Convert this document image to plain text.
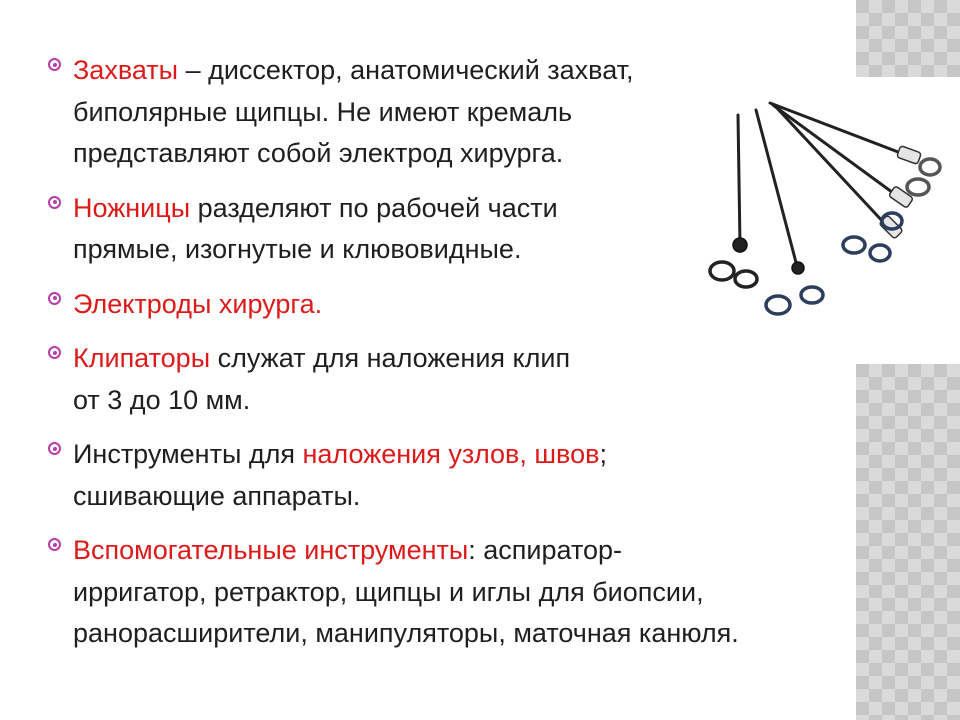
Захваты – диссектор, анатомический захват,
биполярные щипцы. Не имеют кремаль
представляют собой электрод хирурга.
Ножницы разделяют по рабочей части
прямые, изогнутые и клювовидные.
Электроды хирурга.
Клипаторы служат для наложения клип
от 3 до 10 мм.
Инструменты для наложения узлов, швов;
сшивающие аппараты.
Вспомогательные инструменты: аспиратор-
ирригатор, ретрактор, щипцы и иглы для биопсии,
ранорасширители, манипуляторы, маточная канюля.
